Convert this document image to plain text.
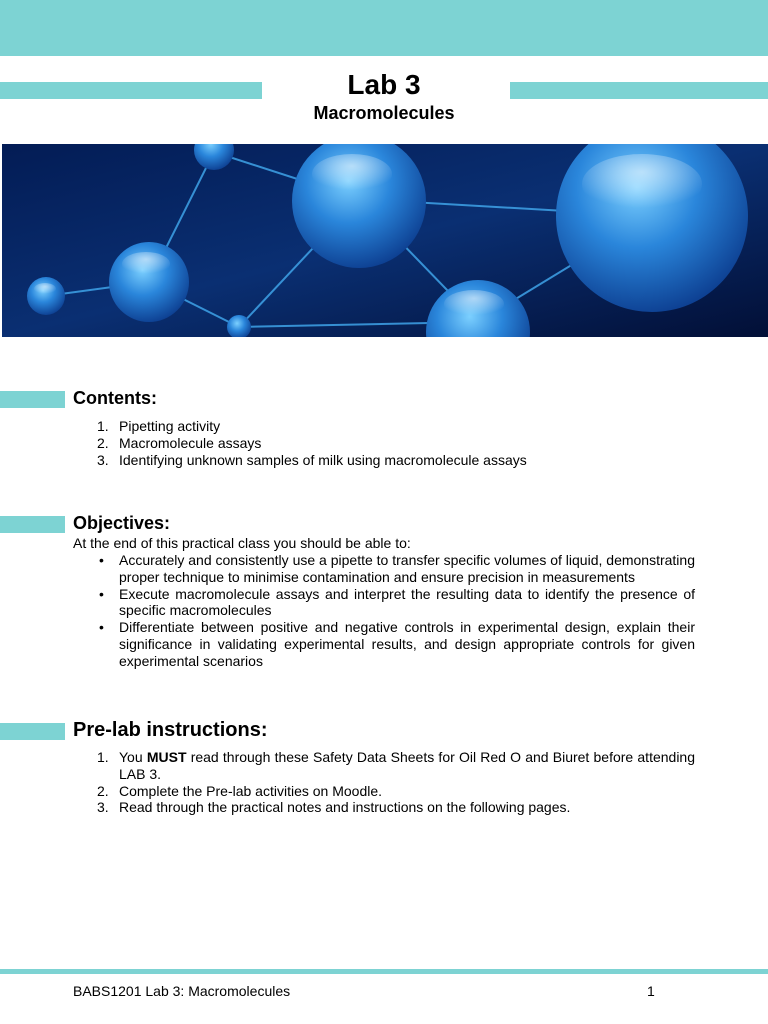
Lab 3
Macromolecules
Contents:
1. Pipetting activity
2. Macromolecule assays
3. Identifying unknown samples of milk using macromolecule assays
Objectives:
At the end of this practical class you should be able to:
• Accurately and consistently use a pipette to transfer specific volumes of liquid, demonstrating proper technique to minimise contamination and ensure precision in measurements
• Execute macromolecule assays and interpret the resulting data to identify the presence of specific macromolecules
• Differentiate between positive and negative controls in experimental design, explain their significance in validating experimental results, and design appropriate controls for given experimental scenarios
Pre-lab instructions:
1. You MUST read through these Safety Data Sheets for Oil Red O and Biuret before attending LAB 3.
2. Complete the Pre-lab activities on Moodle.
3. Read through the practical notes and instructions on the following pages.
BABS1201 Lab 3: Macromolecules	1
